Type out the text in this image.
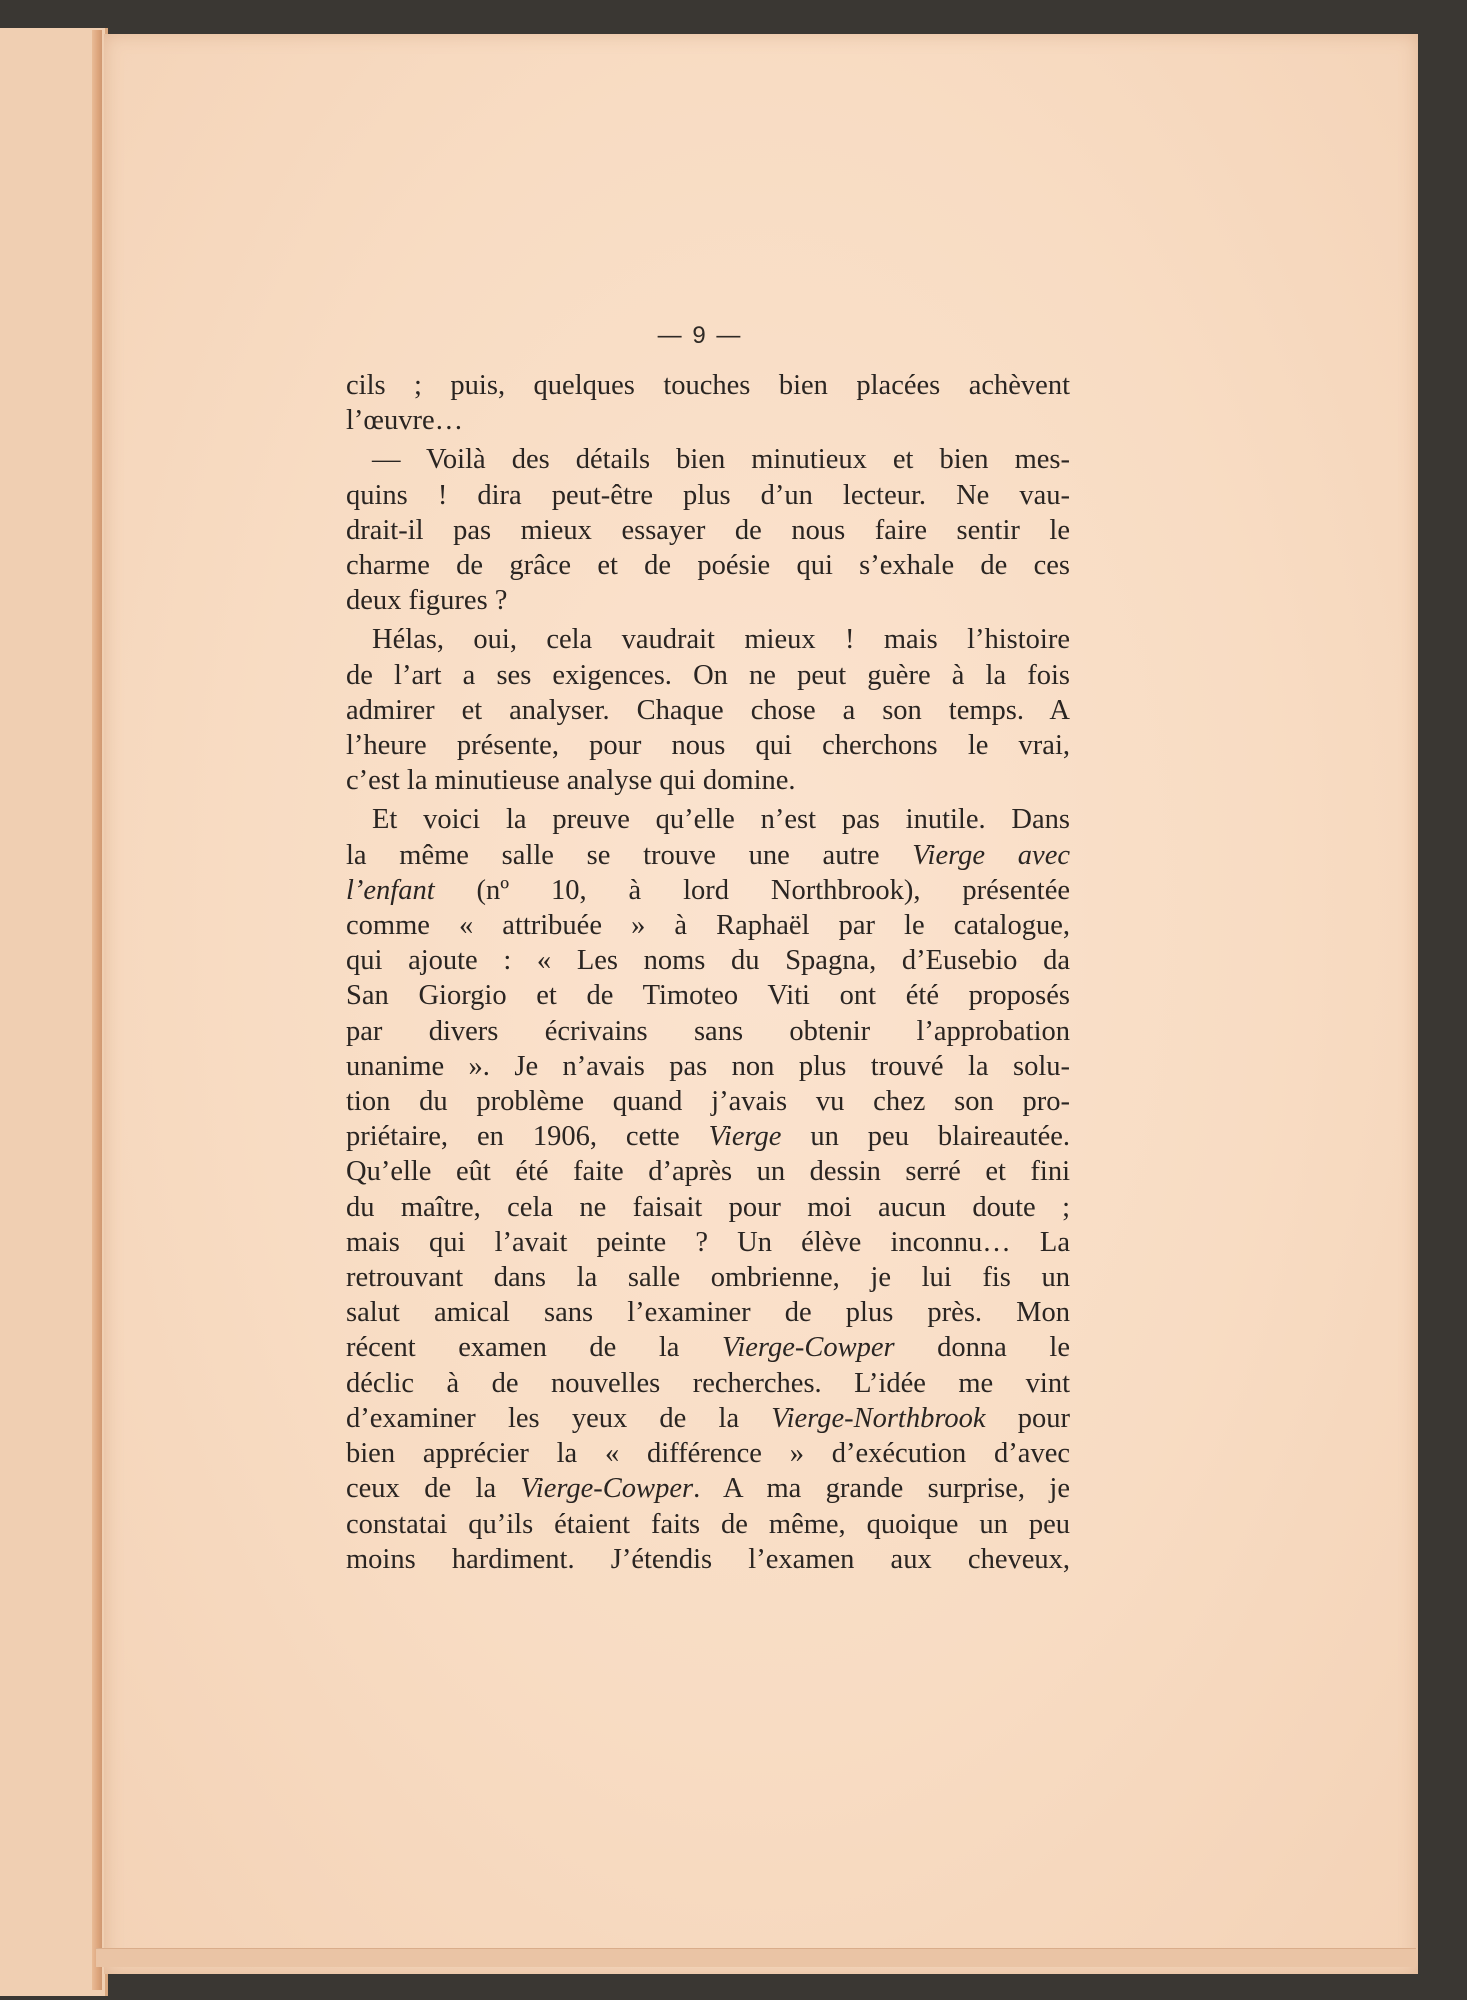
— 9 —
cils ; puis, quelques touches bien placées achèvent
l’œuvre…
— Voilà des détails bien minutieux et bien mes-
quins ! dira peut-être plus d’un lecteur. Ne vau-
drait-il pas mieux essayer de nous faire sentir le
charme de grâce et de poésie qui s’exhale de ces
deux figures ?
Hélas, oui, cela vaudrait mieux ! mais l’histoire
de l’art a ses exigences. On ne peut guère à la fois
admirer et analyser. Chaque chose a son temps. A
l’heure présente, pour nous qui cherchons le vrai,
c’est la minutieuse analyse qui domine.
Et voici la preuve qu’elle n’est pas inutile. Dans
la même salle se trouve une autre Vierge avec
l’enfant (nº 10, à lord Northbrook), présentée
comme « attribuée » à Raphaël par le catalogue,
qui ajoute : « Les noms du Spagna, d’Eusebio da
San Giorgio et de Timoteo Viti ont été proposés
par divers écrivains sans obtenir l’approbation
unanime ». Je n’avais pas non plus trouvé la solu-
tion du problème quand j’avais vu chez son pro-
priétaire, en 1906, cette Vierge un peu blaireautée.
Qu’elle eût été faite d’après un dessin serré et fini
du maître, cela ne faisait pour moi aucun doute ;
mais qui l’avait peinte ? Un élève inconnu… La
retrouvant dans la salle ombrienne, je lui fis un
salut amical sans l’examiner de plus près. Mon
récent examen de la Vierge-Cowper donna le
déclic à de nouvelles recherches. L’idée me vint
d’examiner les yeux de la Vierge-Northbrook pour
bien apprécier la « différence » d’exécution d’avec
ceux de la Vierge-Cowper. A ma grande surprise, je
constatai qu’ils étaient faits de même, quoique un peu
moins hardiment. J’étendis l’examen aux cheveux,
